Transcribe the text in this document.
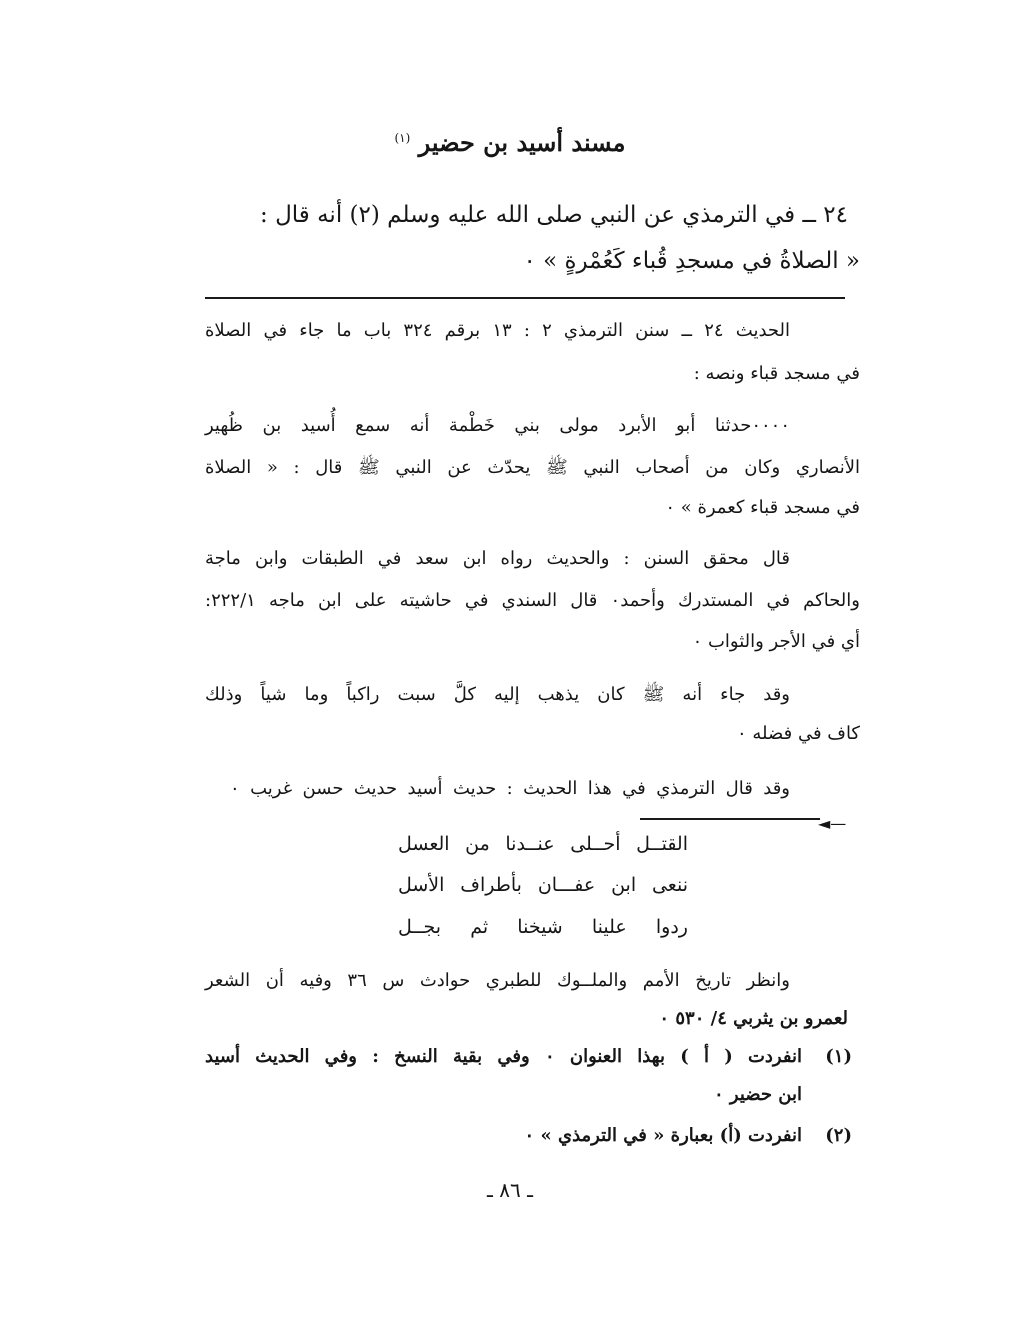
مسند أسيد بن حضير $^{(١)}$
٢٤ ــ في الترمذي عن النبي صلى الله عليه وسلم (٢) أنه قال :
« الصلاةُ في مسجدِ قُباء كَعُمْرةٍ » ٠
الحديث ٢٤ ــ سنن الترمذي ٢ : ١٣ برقم ٣٢٤ باب ما جاء في الصلاة
في مسجد قباء ونصه :
٠٠٠٠حدثنا أبو الأبرد مولى بني خَطْمة أنه سمع أُسيد بن ظُهير
الأنصاري وكان من أصحاب النبي ﷺ يحدّث عن النبي ﷺ قال : « الصلاة
في مسجد قباء كعمرة » ٠
قال محقق السنن : والحديث رواه ابن سعد في الطبقات وابن ماجة
والحاكم في المستدرك وأحمد٠ قال السندي في حاشيته على ابن ماجه ٢٢٢/١:
أي في الأجر والثواب ٠
وقد جاء أنه ﷺ كان يذهب إليه كلَّ سبت راكباً وما شياً وذلك
كاف في فضله ٠
وقد قال الترمذي في هذا الحديث : حديث أسيد حديث حسن غريب ٠
◄—
القتــل أحــلى عنــدنا من العسل
ننعى ابن عفـــان بأطراف الأسل
ردوا علينا شيخنا ثم بجــل
وانظر تاريخ الأمم والملــوك للطبري حوادث س ٣٦ وفيه أن الشعر
لعمرو بن يثربي ٤/ ٥٣٠ ٠
(١)
انفردت ( أ ) بهذا العنوان ٠ وفي بقية النسخ : وفي الحديث أسيد
ابن حضير ٠
(٢)
انفردت (أ) بعبارة « في الترمذي » ٠
ـ ٨٦ ـ
